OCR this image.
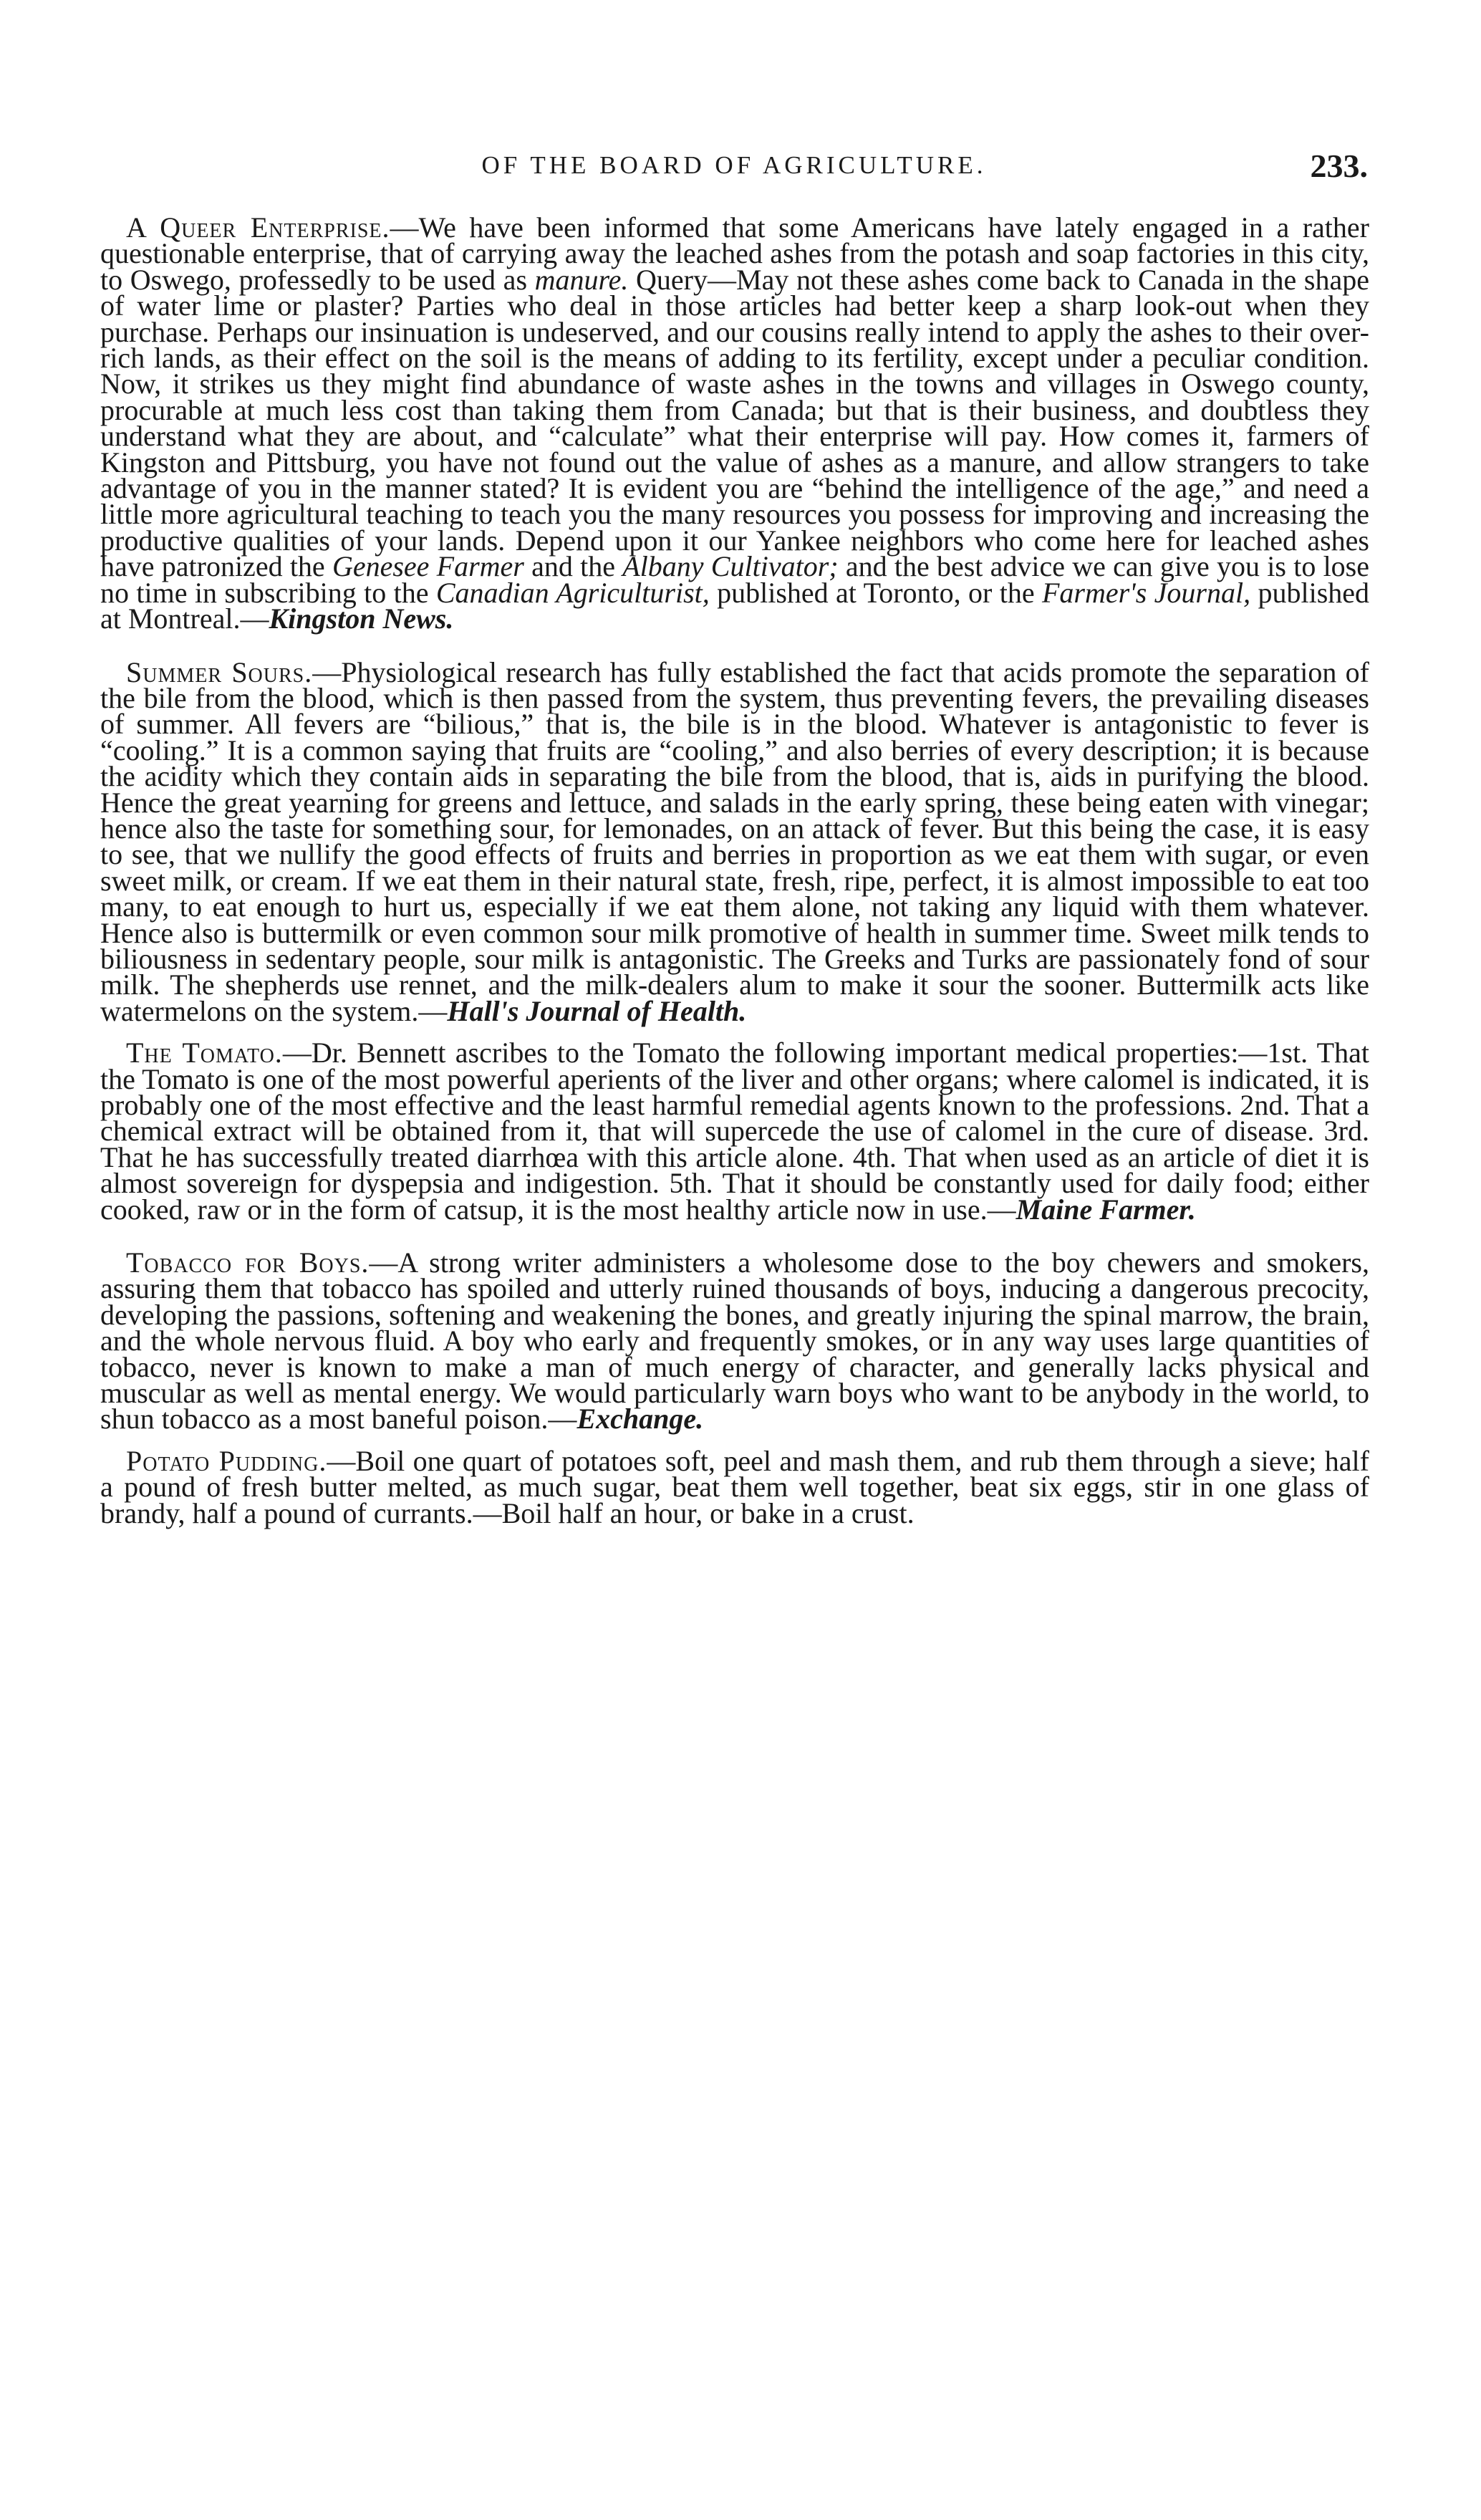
OF THE BOARD OF AGRICULTURE.	233.

A Queer Enterprise.—We have been informed that some Americans have lately engaged in a rather questionable enterprise, that of carrying away the leached ashes from the potash and soap factories in this city, to Oswego, professedly to be used as manure. Query—May not these ashes come back to Canada in the shape of water lime or plaster? Parties who deal in those articles had better keep a sharp look-out when they purchase. Perhaps our insinuation is undeserved, and our cousins really intend to apply the ashes to their over-rich lands, as their effect on the soil is the means of adding to its fertility, except under a peculiar condition. Now, it strikes us they might find abundance of waste ashes in the towns and villages in Oswego county, procurable at much less cost than taking them from Canada; but that is their business, and doubtless they understand what they are about, and “calculate” what their enterprise will pay. How comes it, farmers of Kingston and Pittsburg, you have not found out the value of ashes as a manure, and allow strangers to take advantage of you in the manner stated? It is evident you are “behind the intelligence of the age,” and need a little more agricultural teaching to teach you the many resources you possess for improving and increasing the productive qualities of your lands. Depend upon it our Yankee neighbors who come here for leached ashes have patronized the Genesee Farmer and the Albany Cultivator; and the best advice we can give you is to lose no time in subscribing to the Canadian Agriculturist, published at Toronto, or the Farmer's Journal, published at Montreal.—Kingston News.

Summer Sours.—Physiological research has fully established the fact that acids promote the separation of the bile from the blood, which is then passed from the system, thus preventing fevers, the prevailing diseases of summer. All fevers are “bilious,” that is, the bile is in the blood. Whatever is antagonistic to fever is “cooling.” It is a common saying that fruits are “cooling,” and also berries of every description; it is because the acidity which they contain aids in separating the bile from the blood, that is, aids in purifying the blood. Hence the great yearning for greens and lettuce, and salads in the early spring, these being eaten with vinegar; hence also the taste for something sour, for lemonades, on an attack of fever. But this being the case, it is easy to see, that we nullify the good effects of fruits and berries in proportion as we eat them with sugar, or even sweet milk, or cream. If we eat them in their natural state, fresh, ripe, perfect, it is almost impossible to eat too many, to eat enough to hurt us, especially if we eat them alone, not taking any liquid with them whatever. Hence also is buttermilk or even common sour milk promotive of health in summer time. Sweet milk tends to biliousness in sedentary people, sour milk is antagonistic. The Greeks and Turks are passionately fond of sour milk. The shepherds use rennet, and the milk-dealers alum to make it sour the sooner. Buttermilk acts like watermelons on the system.—Hall's Journal of Health.

The Tomato.—Dr. Bennett ascribes to the Tomato the following important medical properties:—1st. That the Tomato is one of the most powerful aperients of the liver and other organs; where calomel is indicated, it is probably one of the most effective and the least harmful remedial agents known to the professions. 2nd. That a chemical extract will be obtained from it, that will supercede the use of calomel in the cure of disease. 3rd. That he has successfully treated diarrhœa with this article alone. 4th. That when used as an article of diet it is almost sovereign for dyspepsia and indigestion. 5th. That it should be constantly used for daily food; either cooked, raw or in the form of catsup, it is the most healthy article now in use.—Maine Farmer.

Tobacco for Boys.—A strong writer administers a wholesome dose to the boy chewers and smokers, assuring them that tobacco has spoiled and utterly ruined thousands of boys, inducing a dangerous precocity, developing the passions, softening and weakening the bones, and greatly injuring the spinal marrow, the brain, and the whole nervous fluid. A boy who early and frequently smokes, or in any way uses large quantities of tobacco, never is known to make a man of much energy of character, and generally lacks physical and muscular as well as mental energy. We would particularly warn boys who want to be anybody in the world, to shun tobacco as a most baneful poison.—Exchange.

Potato Pudding.—Boil one quart of potatoes soft, peel and mash them, and rub them through a sieve; half a pound of fresh butter melted, as much sugar, beat them well together, beat six eggs, stir in one glass of brandy, half a pound of currants.—Boil half an hour, or bake in a crust.
